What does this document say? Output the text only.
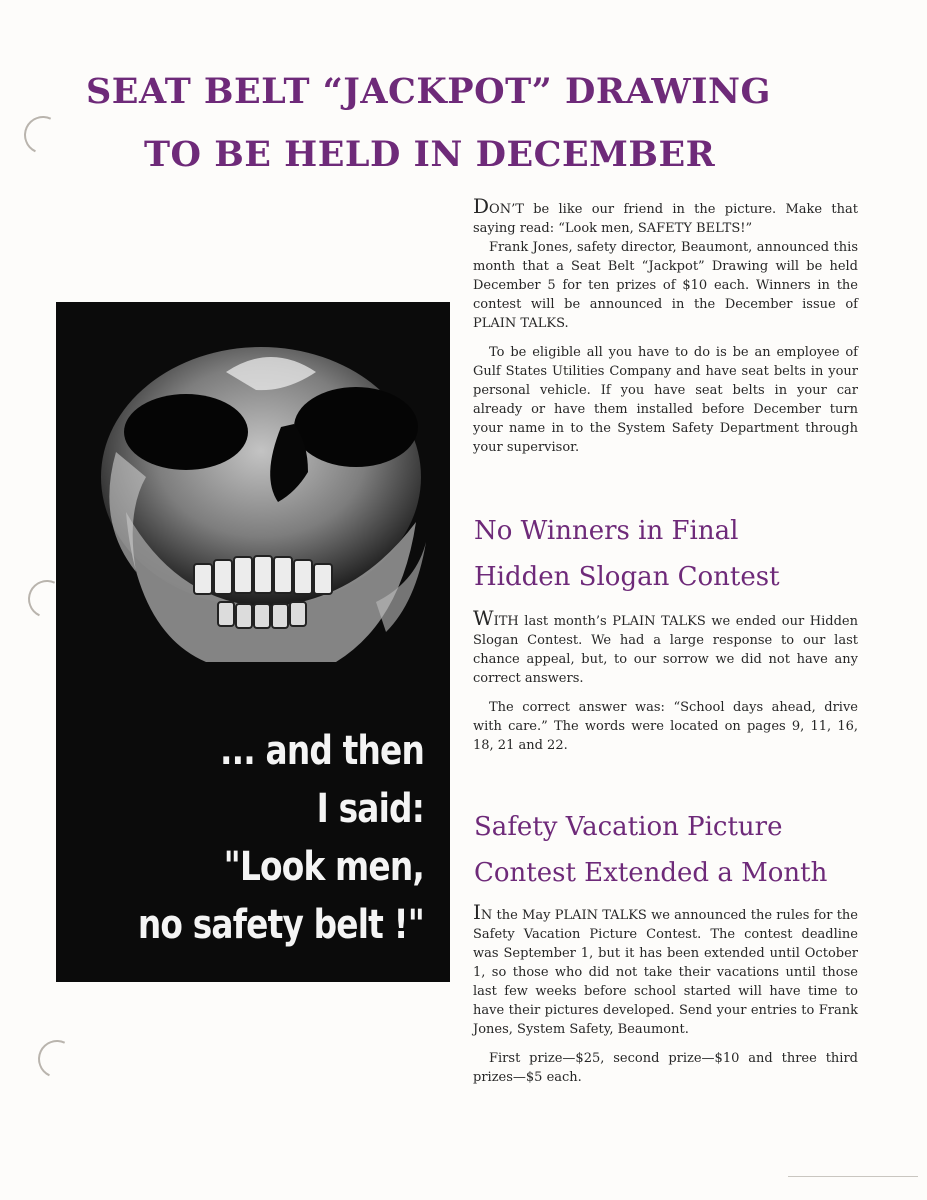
SEAT BELT “JACKPOT” DRAWING
TO BE HELD IN DECEMBER
... and then
I said:
"Look men,
no safety belt !"

DON’T be like our friend in the picture. Make that saying read: “Look men, SAFETY BELTS!”

Frank Jones, safety director, Beaumont, announced this month that a Seat Belt “Jackpot” Drawing will be held December 5 for ten prizes of $10 each. Winners in the contest will be announced in the December issue of PLAIN TALKS.

To be eligible all you have to do is be an employee of Gulf States Utilities Company and have seat belts in your personal vehicle. If you have seat belts in your car already or have them installed before December turn your name in to the System Safety Department through your supervisor.

No Winners in Final
Hidden Slogan Contest

WITH last month’s PLAIN TALKS we ended our Hidden Slogan Contest. We had a large response to our last chance appeal, but, to our sorrow we did not have any correct answers.

The correct answer was: “School days ahead, drive with care.” The words were located on pages 9, 11, 16, 18, 21 and 22.

Safety Vacation Picture
Contest Extended a Month

IN the May PLAIN TALKS we announced the rules for the Safety Vacation Picture Contest. The contest deadline was September 1, but it has been extended until October 1, so those who did not take their vacations until those last few weeks before school started will have time to have their pictures developed. Send your entries to Frank Jones, System Safety, Beaumont.

First prize—$25, second prize—$10 and three third prizes—$5 each.
